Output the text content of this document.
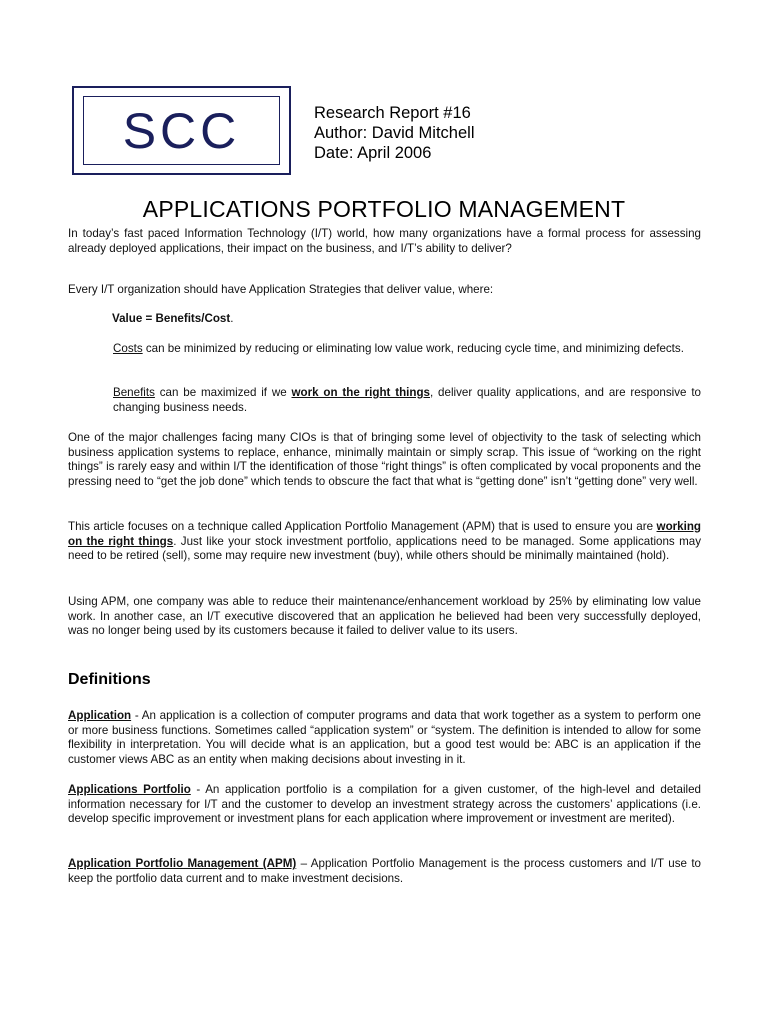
SCC	Research Report #16
Author: David Mitchell
Date: April 2006
APPLICATIONS PORTFOLIO MANAGEMENT

In today’s fast paced Information Technology (I/T) world, how many organizations have a formal process for assessing already deployed applications, their impact on the business, and I/T’s ability to deliver?

Every I/T organization should have Application Strategies that deliver value, where:

Value = Benefits/Cost.

Costs can be minimized by reducing or eliminating low value work, reducing cycle time, and minimizing defects.

Benefits can be maximized if we work on the right things, deliver quality applications, and are responsive to changing business needs.

One of the major challenges facing many CIOs is that of bringing some level of objectivity to the task of selecting which business application systems to replace, enhance, minimally maintain or simply scrap. This issue of “working on the right things” is rarely easy and within I/T the identification of those “right things” is often complicated by vocal proponents and the pressing need to “get the job done” which tends to obscure the fact that what is “getting done” isn’t “getting done” very well.

This article focuses on a technique called Application Portfolio Management (APM) that is used to ensure you are working on the right things. Just like your stock investment portfolio, applications need to be managed. Some applications may need to be retired (sell), some may require new investment (buy), while others should be minimally maintained (hold).

Using APM, one company was able to reduce their maintenance/enhancement workload by 25% by eliminating low value work. In another case, an I/T executive discovered that an application he believed had been very successfully deployed, was no longer being used by its customers because it failed to deliver value to its users.

Definitions

Application - An application is a collection of computer programs and data that work together as a system to perform one or more business functions. Sometimes called “application system” or “system. The definition is intended to allow for some flexibility in interpretation. You will decide what is an application, but a good test would be: ABC is an application if the customer views ABC as an entity when making decisions about investing in it.

Applications Portfolio - An application portfolio is a compilation for a given customer, of the high-level and detailed information necessary for I/T and the customer to develop an investment strategy across the customers’ applications (i.e. develop specific improvement or investment plans for each application where improvement or investment are merited).

Application Portfolio Management (APM) – Application Portfolio Management is the process customers and I/T use to keep the portfolio data current and to make investment decisions.
